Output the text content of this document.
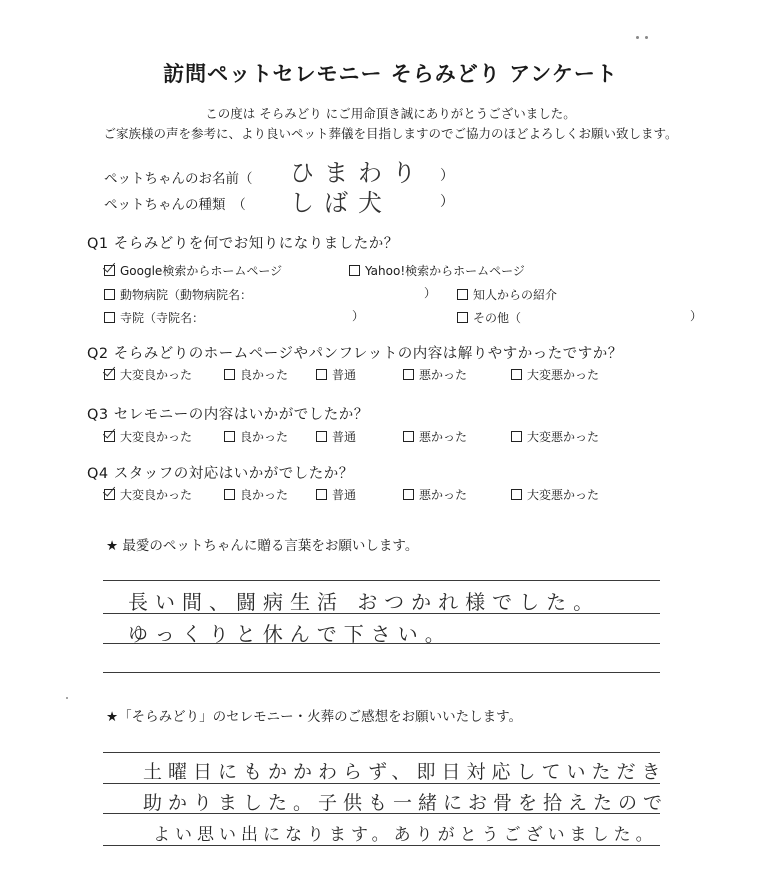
訪問ペットセレモニー そらみどり アンケート
この度は そらみどり にご用命頂き誠にありがとうございました。
ご家族様の声を参考に、より良いペット葬儀を目指しますのでご協力のほどよろしくお願い致します。
ペットちゃんのお名前（ ひまわり ）
ペットちゃんの種類　（ しば犬	）
Q1 そらみどりを何でお知りになりましたか？
Google検索からホームページ	Yahoo!検索からホームページ
動物病院（動物病院名：	）	知人からの紹介
寺院（寺院名：	）	その他（	）
Q2 そらみどりのホームページやパンフレットの内容は解りやすかったですか？
Q3 セレモニーの内容はいかがでしたか？
Q4 スタッフの対応はいかがでしたか？
★ 最愛のペットちゃんに贈る言葉をお願いします。
長い間、闘病生活 おつかれ様でした。
ゆっくりと休んで下さい。
★「そらみどり」のセレモニー・火葬のご感想をお願いいたします。
土曜日にもかかわらず、即日対応していただき
助かりました。子供も一緒にお骨を拾えたので
よい思い出になります。ありがとうございました。
大変良かった	良かった	普通	悪かった	大変悪かった
大変良かった	良かった	普通	悪かった	大変悪かった
大変良かった	良かった	普通	悪かった	大変悪かった
